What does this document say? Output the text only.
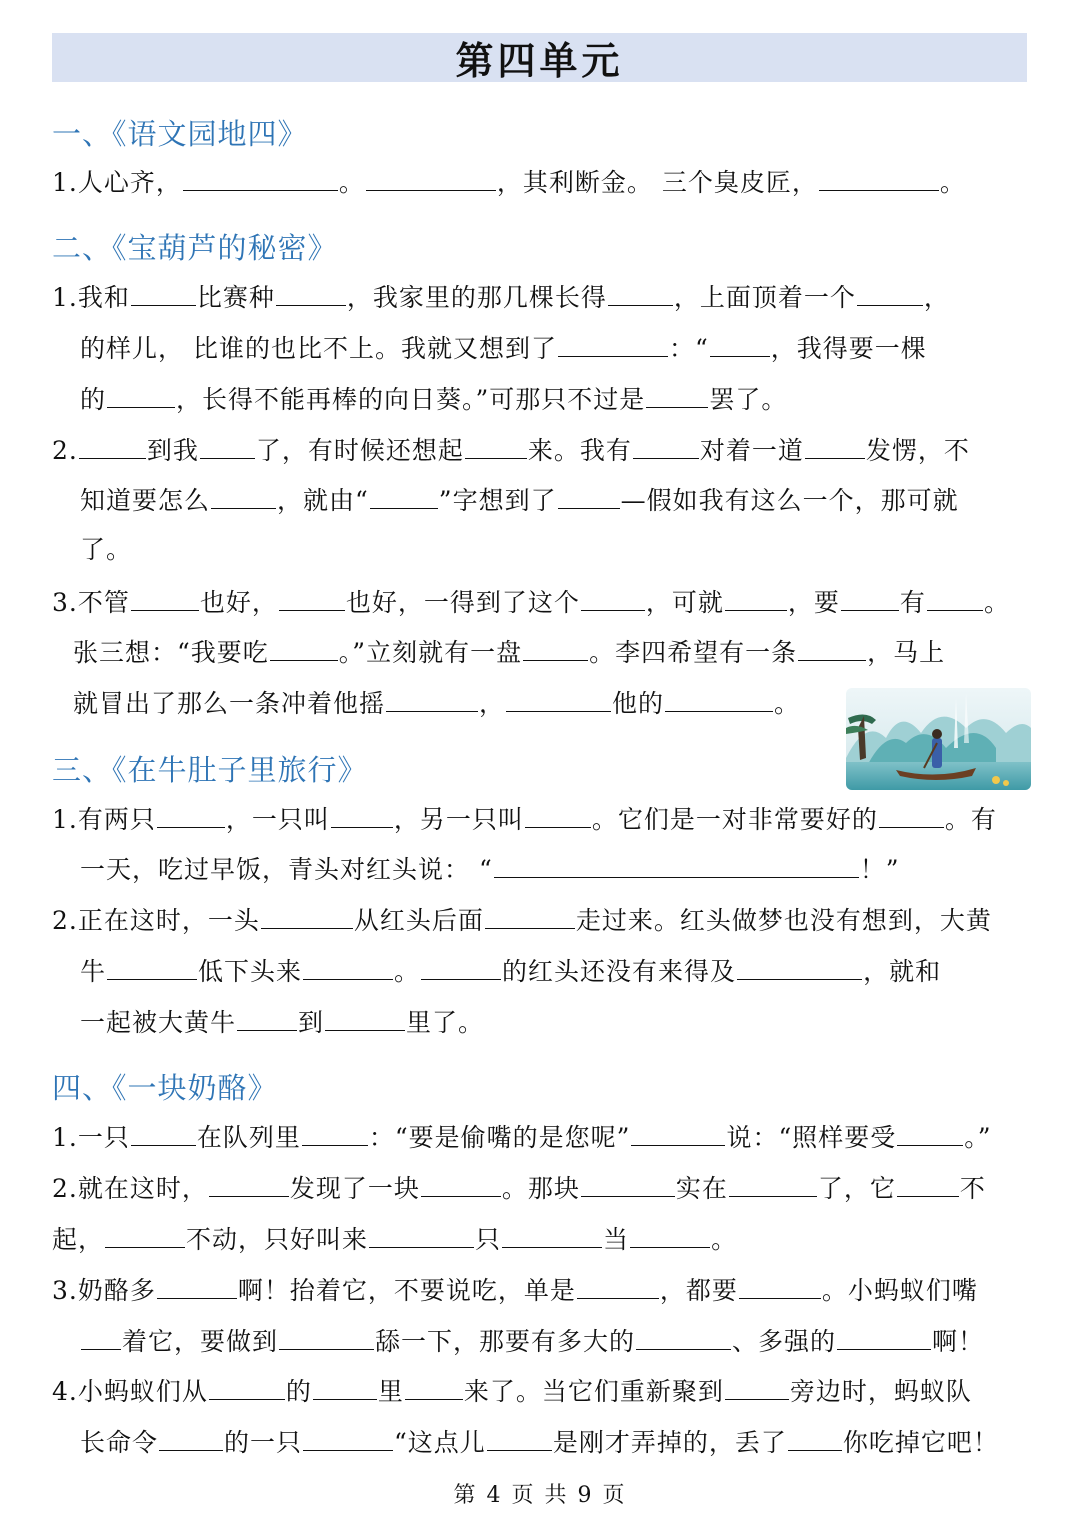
第四单元
一、《语文园地四》
1.人心齐，	。	，其利断金。 三个臭皮匠，	。
二、《宝葫芦的秘密》
1.我和	比赛种	，我家里的那几棵长得	，上面顶着一个	，
的样儿， 比谁的也比不上。我就又想到了	：“ ，我得要一棵
的	，长得不能再棒的向日葵。”可那只不过是	罢了。
2.	到我 了，有时候还想起	来。我有	对着一道 发愣，不
知道要怎么	，就由“	”字想到了	—假如我有这么一个，那可就
了。
3.不管	也好，	也好，一得到了这个	，可就	，要 有 。
张三想：“我要吃	。”立刻就有一盘	。李四希望有一条	，马上
就冒出了那么一条冲着他摇	，	他的	。
三、《在牛肚子里旅行》
1.有两只	，一只叫	，另一只叫	。它们是一对非常要好的	。有
一天，吃过早饭，青头对红头说： “	！”
2.正在这时，一头	从红头后面	走过来。红头做梦也没有想到，大黄
牛	低下头来	。	的红头还没有来得及	，就和
一起被大黄牛 到	里了。
四、《一块奶酪》
1.一只	在队列里	：“要是偷嘴的是您呢”	说：“照样要受	。”
2.就在这时，	发现了一块	。那块	实在	了，它	不
起，	不动，只好叫来	只	当	。
3.奶酪多	啊！抬着它，不要说吃，单是	，都要	。小蚂蚁们嘴
着它，要做到	舔一下，那要有多大的	、多强的	啊！
4.小蚂蚁们从	的	里 来了。当它们重新聚到	旁边时，蚂蚁队
长命令	的一只	“这点儿	是刚才弄掉的，丢了 你吃掉它吧！
第 4 页 共 9 页
